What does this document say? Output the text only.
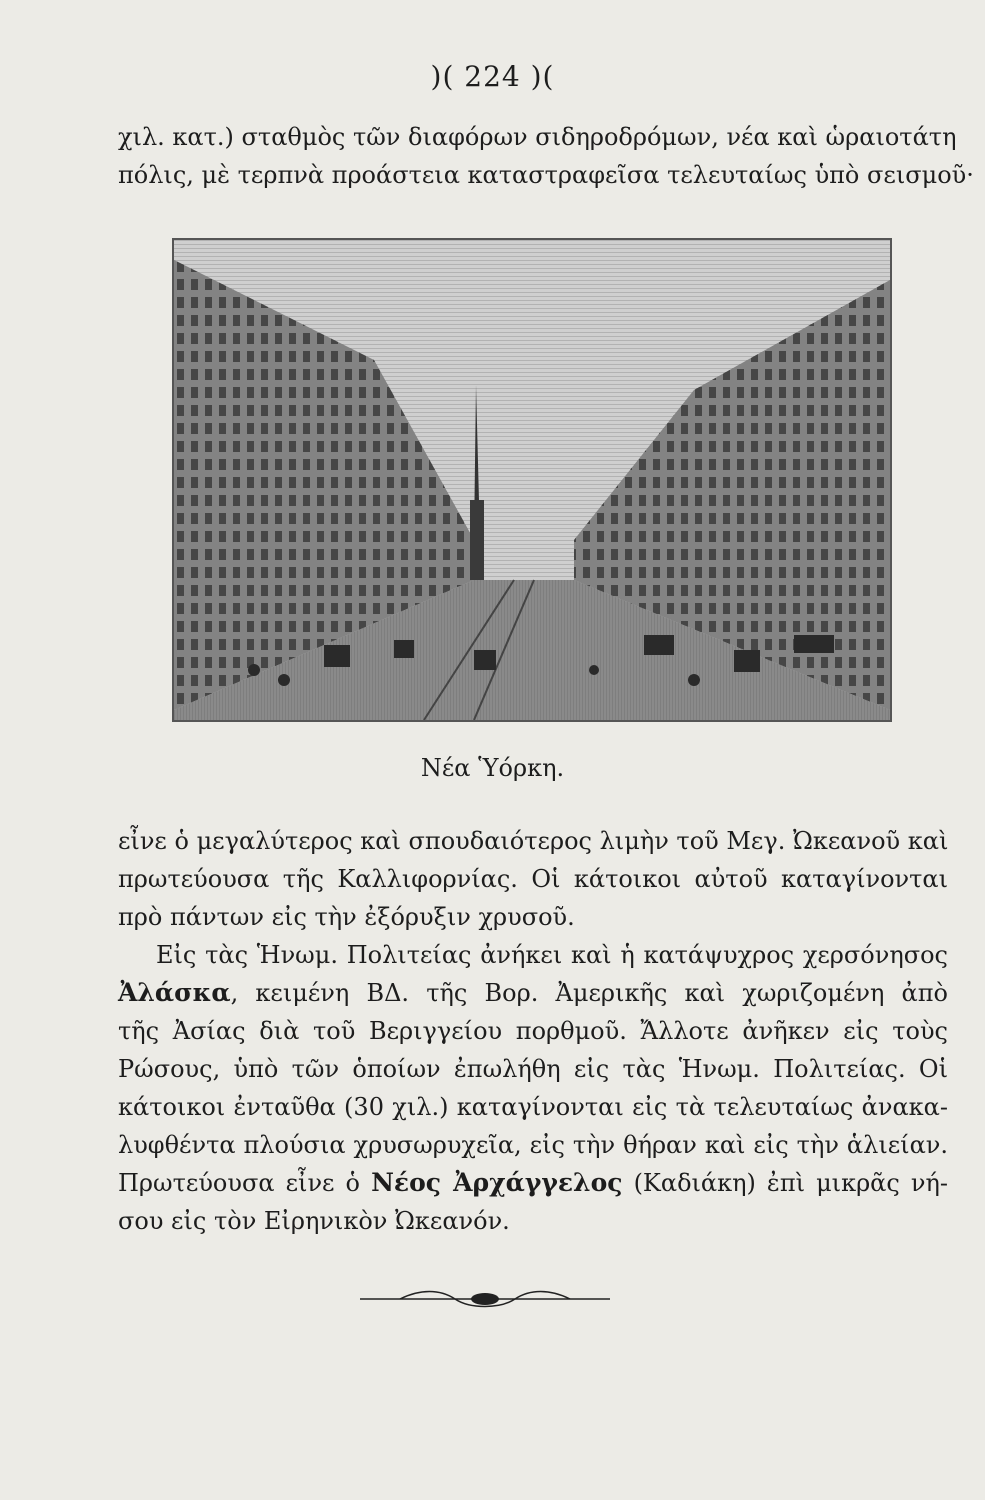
)( 224 )(
χιλ. κατ.) σταθμὸς τῶν διαφόρων σιδηροδρόμων, νέα καὶ ὡραιοτάτη
πόλις, μὲ τερπνὰ προάστεια καταστραφεῖσα τελευταίως ὑπὸ σεισμοῦ·
Νέα Ὑόρκη.
εἶνε ὁ μεγαλύτερος καὶ σπουδαιότερος λιμὴν τοῦ Μεγ. Ὠκεανοῦ καὶ
πρωτεύουσα τῆς Καλλιφορνίας. Οἱ κάτοικοι αὐτοῦ καταγίνονται
πρὸ πάντων εἰς τὴν ἐξόρυξιν χρυσοῦ.
Εἰς τὰς Ἡνωμ. Πολιτείας ἀνήκει καὶ ἡ κατάψυχρος χερσόνησος
Ἀλάσκα, κειμένη ΒΔ. τῆς Βορ. Ἀμερικῆς καὶ χωριζομένη ἀπὸ
τῆς Ἀσίας διὰ τοῦ Βεριγγείου πορθμοῦ. Ἄλλοτε ἀνῆκεν εἰς τοὺς
Ρώσους, ὑπὸ τῶν ὁποίων ἐπωλήθη εἰς τὰς Ἡνωμ. Πολιτείας. Οἱ
κάτοικοι ἐνταῦθα (30 χιλ.) καταγίνονται εἰς τὰ τελευταίως ἀνακα-
λυφθέντα πλούσια χρυσωρυχεῖα, εἰς τὴν θήραν καὶ εἰς τὴν ἁλιείαν.
Πρωτεύουσα εἶνε ὁ Νέος Ἀρχάγγελος (Καδιάκη) ἐπὶ μικρᾶς νή-
σου εἰς τὸν Εἰρηνικὸν Ὠκεανόν.
